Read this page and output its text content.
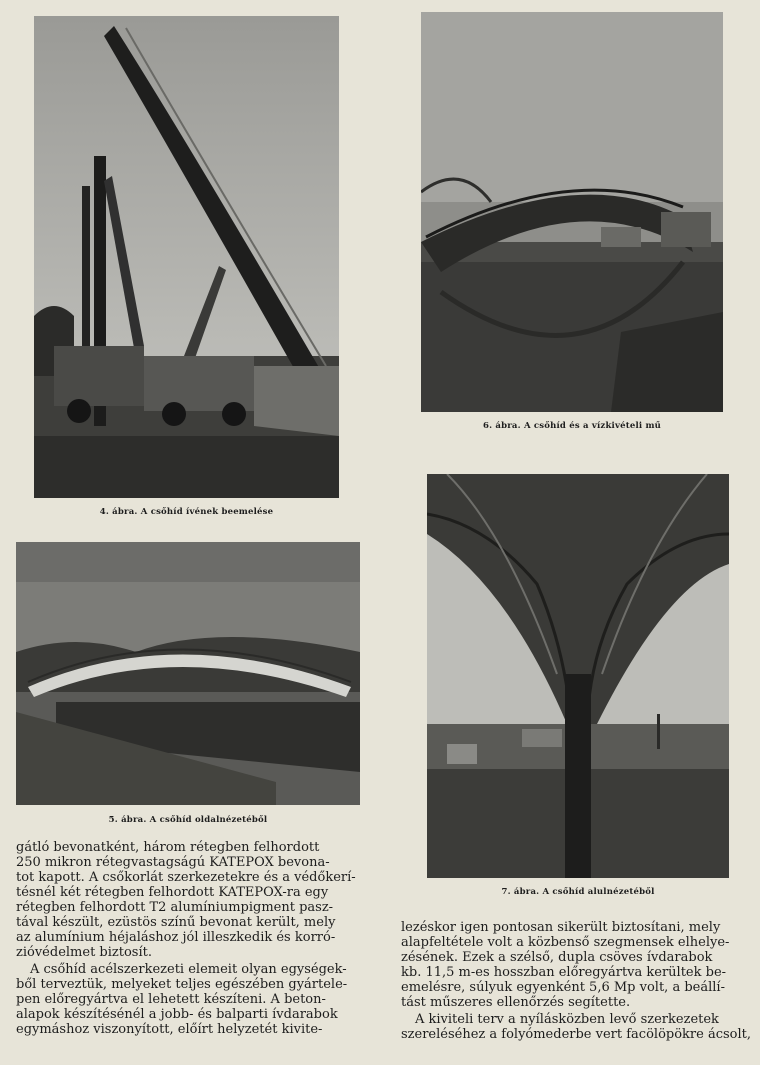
4. ábra. A csőhíd ívének beemelése
6. ábra. A csőhíd és a vízkivételi mű
5. ábra. A csőhíd oldalnézetéből
7. ábra. A csőhíd alulnézetéből

gátló bevonatként, három rétegben felhordott
250 mikron rétegvastagságú KATEPOX bevona-
tot kapott. A csőkorlát szerkezetekre és a védőkerí-
tésnél két rétegben felhordott KATEPOX-ra egy
rétegben felhordott T2 alumíniumpigment pasz-
tával készült, ezüstös színű bevonat került, mely
az alumínium héjaláshoz jól illeszkedik és korró-
zióvédelmet biztosít.

A csőhíd acélszerkezeti elemeit olyan egységek-
ből terveztük, melyeket teljes egészében gyártele-
pen előregyártva el lehetett készíteni. A beton-
alapok készítésénél a jobb- és balparti ívdarabok
egymáshoz viszonyított, előírt helyzetét kivite-

lezéskor igen pontosan sikerült biztosítani, mely
alapfeltétele volt a közbenső szegmensek elhelye-
zésének. Ezek a szélső, dupla csöves ívdarabok
kb. 11,5 m-es hosszban előregyártva kerültek be-
emelésre, súlyuk egyenként 5,6 Mp volt, a beállí-
tást műszeres ellenőrzés segítette.

A kiviteli terv a nyílásközben levő szerkezetek
szereléséhez a folyómederbe vert facölöpökre ácsolt,
